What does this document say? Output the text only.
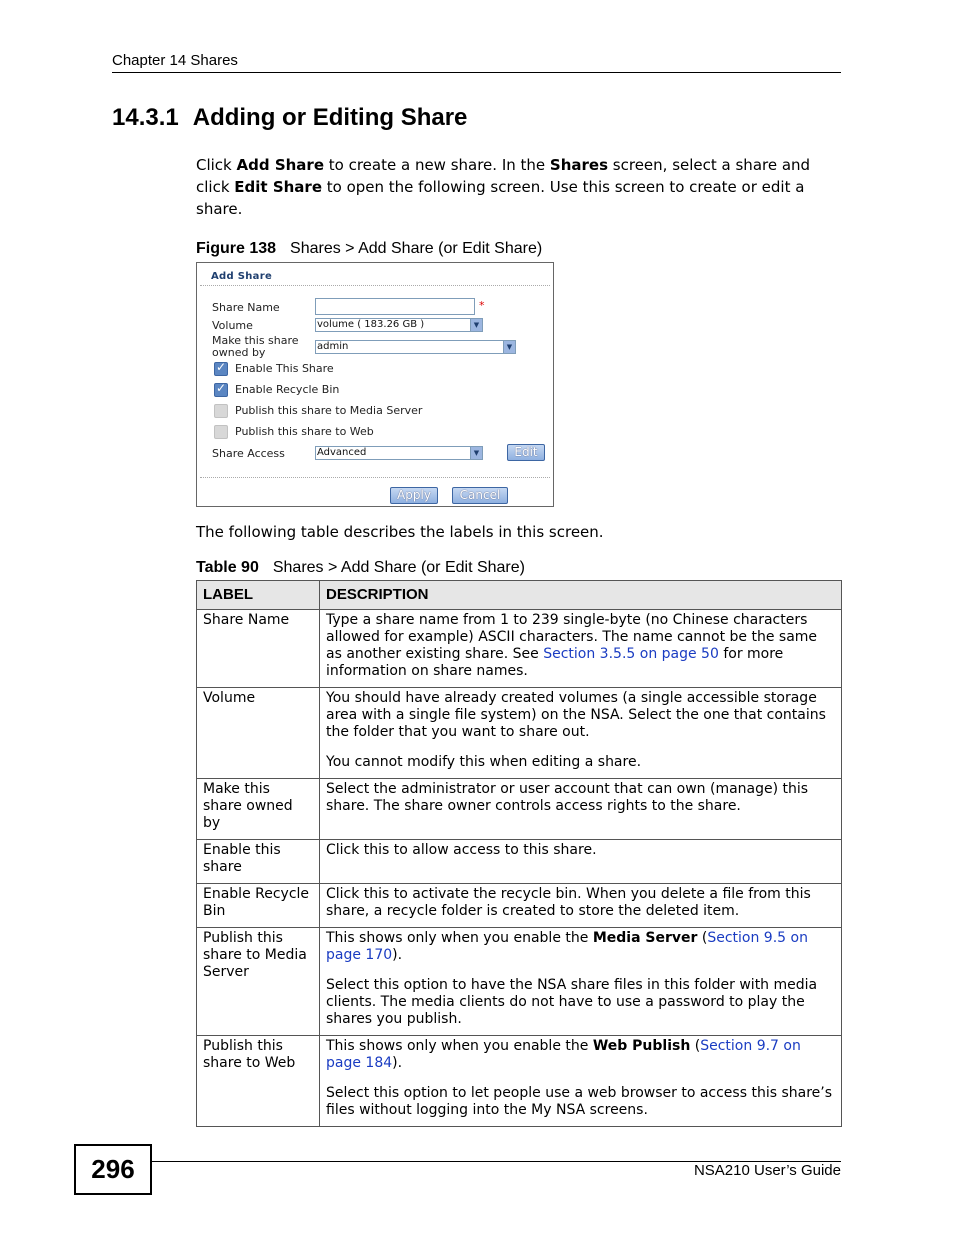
Chapter 14 Shares
14.3.1 Adding or Editing Share

Click Add Share to create a new share. In the Shares screen, select a share and click Edit Share to open the following screen. Use this screen to create or edit a share.

Figure 138 Shares > Add Share (or Edit Share)
Add Share
Share Name	*
Volume	volume ( 183.26 GB )	▼
Make this share owned by	admin	▼
✓
Enable This Share
✓
Enable Recycle Bin
Publish this share to Media Server
Publish this share to Web
Share Access	Advanced	▼	Edit
Apply	Cancel

The following table describes the labels in this screen.

Table 90 Shares > Add Share (or Edit Share)
LABEL	DESCRIPTION
Share Name	Type a share name from 1 to 239 single-byte (no Chinese characters allowed for example) ASCII characters. The name cannot be the same as another existing share. See Section 3.5.5 on page 50 for more information on share names.
Volume	You should have already created volumes (a single accessible storage area with a single file system) on the NSA. Select the one that contains the folder that you want to share out.

You cannot modify this when editing a share.

Make this share owned by	Select the administrator or user account that can own (manage) this share. The share owner controls access rights to the share.
Enable this share	Click this to allow access to this share.
Enable Recycle Bin	Click this to activate the recycle bin. When you delete a file from this share, a recycle folder is created to store the deleted item.
Publish this share to Media Server	This shows only when you enable the Media Server (Section 9.5 on page 170).

Select this option to have the NSA share files in this folder with media clients. The media clients do not have to use a password to play the shares you publish.

Publish this share to Web	This shows only when you enable the Web Publish (Section 9.7 on page 184).

Select this option to let people use a web browser to access this share’s files without logging into the My NSA screens.

296	NSA210 User’s Guide
